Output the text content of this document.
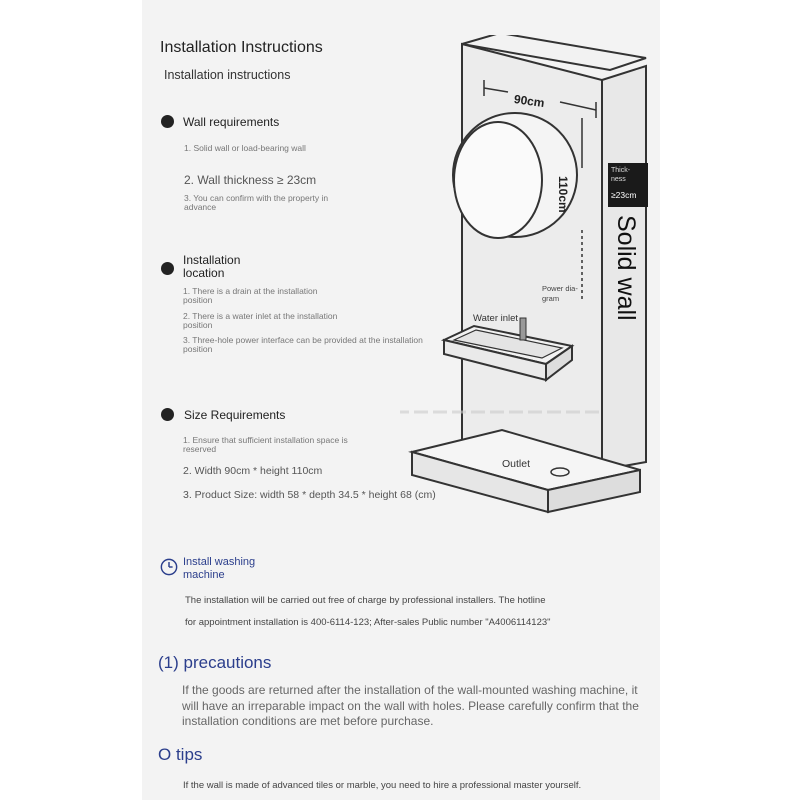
Installation Instructions
Installation instructions
Wall requirements
1. Solid wall or load-bearing wall
2. Wall thickness ≥ 23cm
3. You can confirm with the property in advance
Installation location
1. There is a drain at the installation position
2. There is a water inlet at the installation position
3. Three-hole power interface can be provided at the installation position
Size Requirements
1. Ensure that sufficient installation space is reserved
2. Width 90cm * height 110cm
3. Product Size: width 58 * depth 34.5 * height 68 (cm)
90cm
110cm
Thick-
ness
≥23cm
Solid wall
Power dia-
gram
Water inlet
Outlet
Install washing machine
The installation will be carried out free of charge by professional installers. The hotline
for appointment installation is 400-6114-123; After-sales Public number "A4006114123"
(1) precautions
If the goods are returned after the installation of the wall-mounted washing machine, it will have an irreparable impact on the wall with holes. Please carefully confirm that the installation conditions are met before purchase.
O tips
If the wall is made of advanced tiles or marble, you need to hire a professional master yourself.
